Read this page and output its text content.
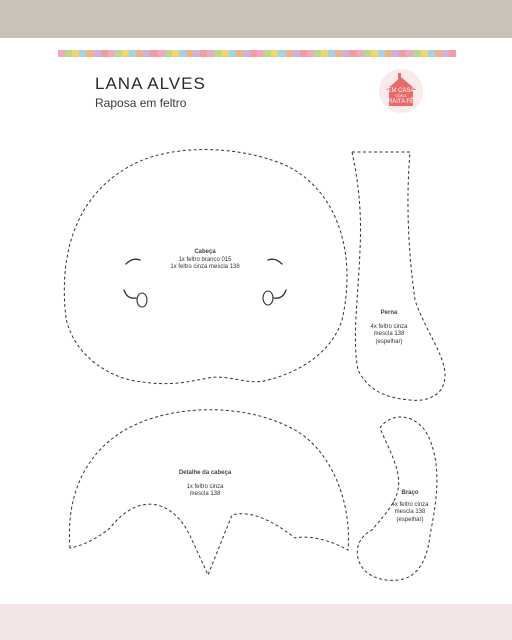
LANA ALVES

Raposa em feltro

EM CASA
COM A
RAITA FÊ
Cabeça
1x feltro branco 015
1x feltro cinza mescla 138
Perna
4x feltro cinza
mescla 138
(espelhar)
Detalhe da cabeça
1x feltro cinza
mescla 138	Braço
4x feltro cinza
mescla 138
(espelhar)
